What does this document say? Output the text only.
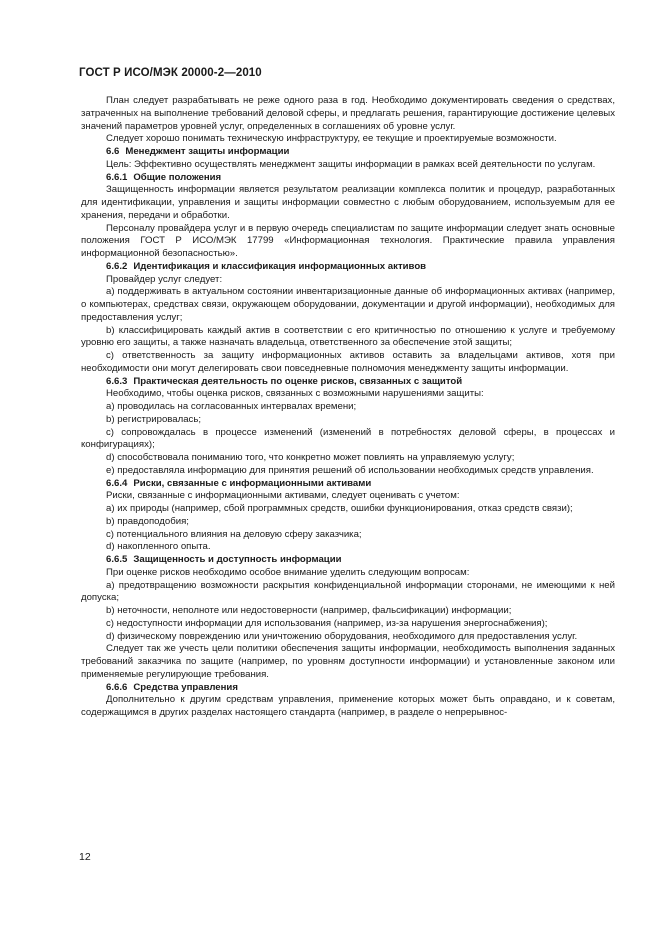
ГОСТ Р ИСО/МЭК 20000-2—2010

План следует разрабатывать не реже одного раза в год. Необходимо документировать сведения о средствах, затраченных на выполнение требований деловой сферы, и предлагать решения, гарантирующие достижение целевых значений параметров уровней услуг, определенных в соглашениях об уровне услуг.

Следует хорошо понимать техническую инфраструктуру, ее текущие и проектируемые возможности.

6.6 Менеджмент защиты информации

Цель: Эффективно осуществлять менеджмент защиты информации в рамках всей деятельности по услугам.

6.6.1 Общие положения

Защищенность информации является результатом реализации комплекса политик и процедур, разработанных для идентификации, управления и защиты информации совместно с любым оборудованием, используемым для ее хранения, передачи и обработки.

Персоналу провайдера услуг и в первую очередь специалистам по защите информации следует знать основные положения ГОСТ Р ИСО/МЭК 17799 «Информационная технология. Практические правила управления информационной безопасностью».

6.6.2 Идентификация и классификация информационных активов

Провайдер услуг следует:

a) поддерживать в актуальном состоянии инвентаризационные данные об информационных активах (например, о компьютерах, средствах связи, окружающем оборудовании, документации и другой информации), необходимых для предоставления услуг;

b) классифицировать каждый актив в соответствии с его критичностью по отношению к услуге и требуемому уровню его защиты, а также назначать владельца, ответственного за обеспечение этой защиты;

c) ответственность за защиту информационных активов оставить за владельцами активов, хотя при необходимости они могут делегировать свои повседневные полномочия менеджменту защиты информации.

6.6.3 Практическая деятельность по оценке рисков, связанных с защитой

Необходимо, чтобы оценка рисков, связанных с возможными нарушениями защиты:

a) проводилась на согласованных интервалах времени;

b) регистрировалась;

c) сопровождалась в процессе изменений (изменений в потребностях деловой сферы, в процессах и конфигурациях);

d) способствовала пониманию того, что конкретно может повлиять на управляемую услугу;

e) предоставляла информацию для принятия решений об использовании необходимых средств управления.

6.6.4 Риски, связанные с информационными активами

Риски, связанные с информационными активами, следует оценивать с учетом:

a) их природы (например, сбой программных средств, ошибки функционирования, отказ средств связи);

b) правдоподобия;

c) потенциального влияния на деловую сферу заказчика;

d) накопленного опыта.

6.6.5 Защищенность и доступность информации

При оценке рисков необходимо особое внимание уделить следующим вопросам:

a) предотвращению возможности раскрытия конфиденциальной информации сторонами, не имеющими к ней допуска;

b) неточности, неполноте или недостоверности (например, фальсификации) информации;

c) недоступности информации для использования (например, из-за нарушения энергоснабжения);

d) физическому повреждению или уничтожению оборудования, необходимого для предоставления услуг.

Следует так же учесть цели политики обеспечения защиты информации, необходимость выполнения заданных требований заказчика по защите (например, по уровням доступности информации) и установленные законом или применяемые регулирующие требования.

6.6.6 Средства управления

Дополнительно к другим средствам управления, применение которых может быть оправдано, и к советам, содержащимся в других разделах настоящего стандарта (например, в разделе о непрерывнос-

12
